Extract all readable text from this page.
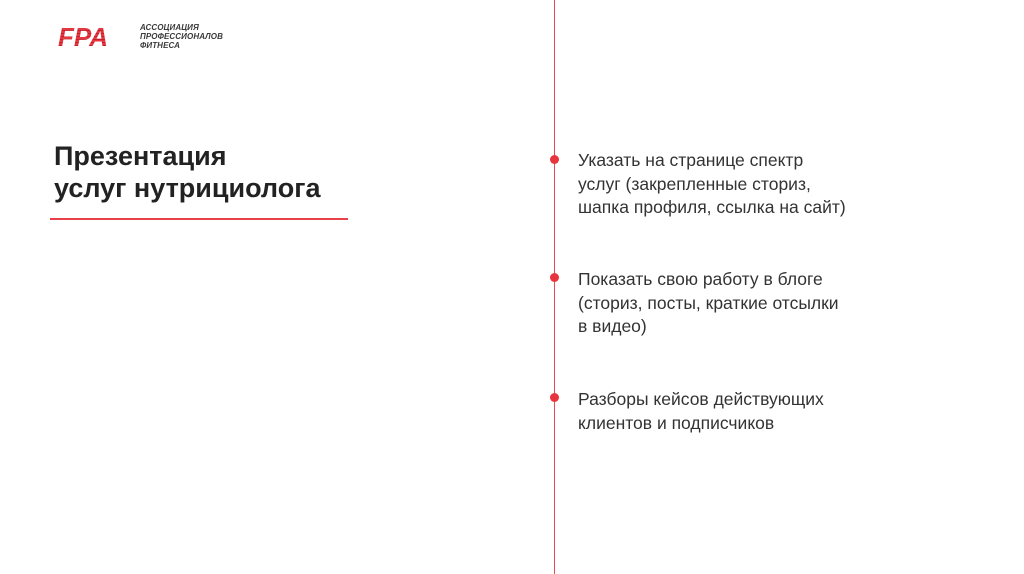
FPA	АССОЦИАЦИЯ
ПРОФЕССИОНАЛОВ
ФИТНЕСА
Презентация
услуг нутрициолога
Указать на странице спектр
услуг (закрепленные сториз,
шапка профиля, ссылка на сайт)
Показать свою работу в блоге
(сториз, посты, краткие отсылки
в видео)
Разборы кейсов действующих
клиентов и подписчиков
